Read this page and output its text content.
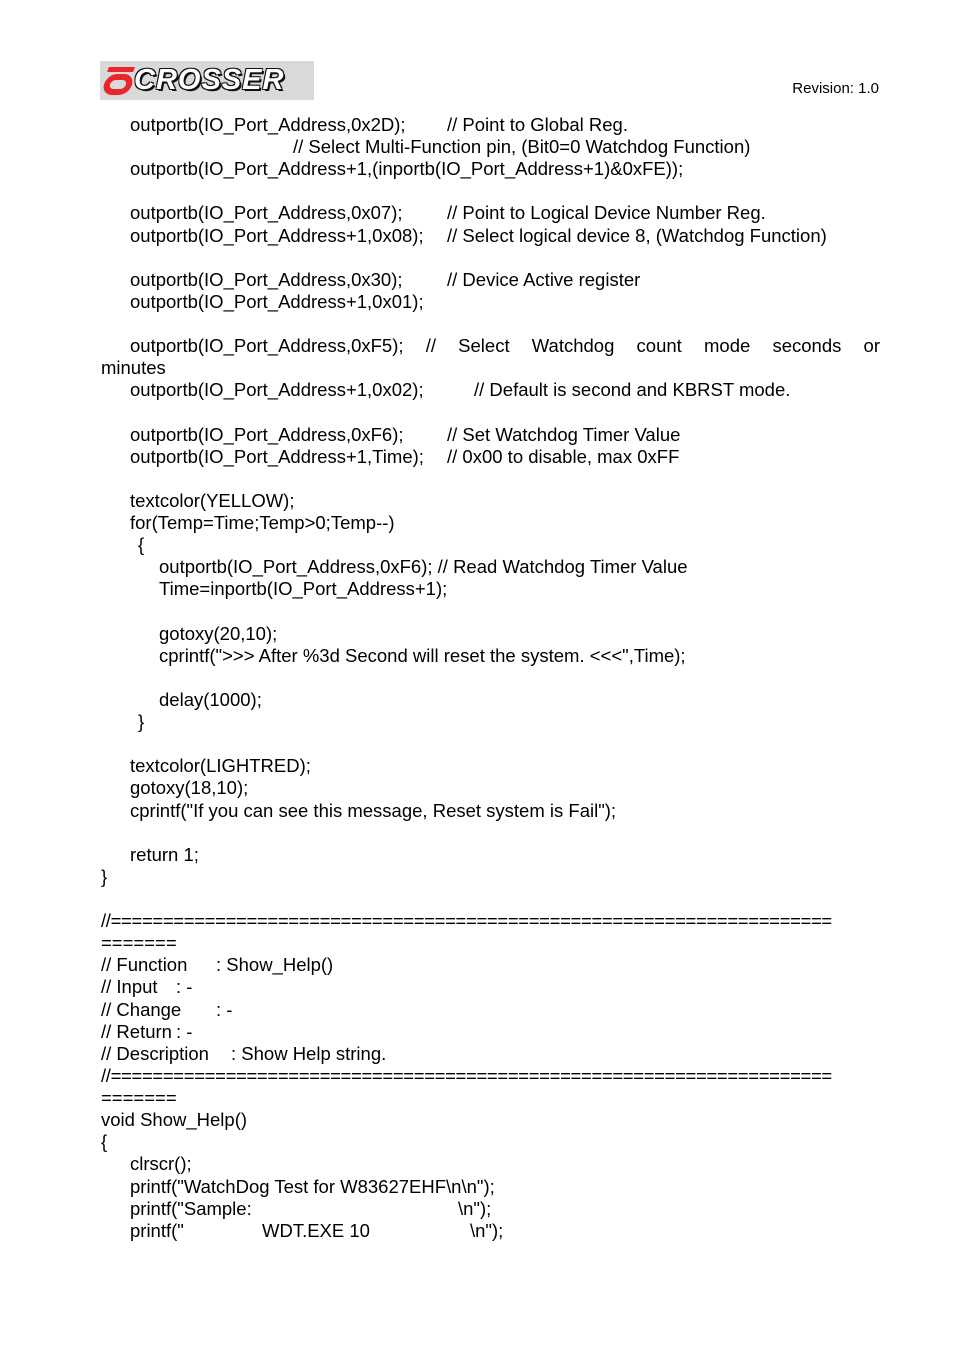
CROSSER	Revision: 1.0
outportb(IO_Port_Address,0x2D); // Point to Global Reg.
// Select Multi-Function pin, (Bit0=0 Watchdog Function)
outportb(IO_Port_Address+1,(inportb(IO_Port_Address+1)&0xFE));
outportb(IO_Port_Address,0x07); // Point to Logical Device Number Reg.
outportb(IO_Port_Address+1,0x08); // Select logical device 8, (Watchdog Function)
outportb(IO_Port_Address,0x30); // Device Active register
outportb(IO_Port_Address+1,0x01);
outportb(IO_Port_Address,0xF5); // Select Watchdog count mode seconds or
minutes
outportb(IO_Port_Address+1,0x02);	// Default is second and KBRST mode.
outportb(IO_Port_Address,0xF6); // Set Watchdog Timer Value
outportb(IO_Port_Address+1,Time); // 0x00 to disable, max 0xFF
textcolor(YELLOW);
for(Temp=Time;Temp>0;Temp--)
{
outportb(IO_Port_Address,0xF6); // Read Watchdog Timer Value
Time=inportb(IO_Port_Address+1);
gotoxy(20,10);
cprintf(">>> After %3d Second will reset the system. <<<",Time);
delay(1000);
}
textcolor(LIGHTRED);
gotoxy(18,10);
cprintf("If you can see this message, Reset system is Fail");
return 1;
}
//=====================================================================
=======
// Function : Show_Help()
// Input : -
// Change : -
// Return : -
// Description : Show Help string.
//=====================================================================
=======
void Show_Help()
{
clrscr();
printf("WatchDog Test for W83627EHF\n\n");
printf("Sample:	\n");
printf("	WDT.EXE 10	\n");
